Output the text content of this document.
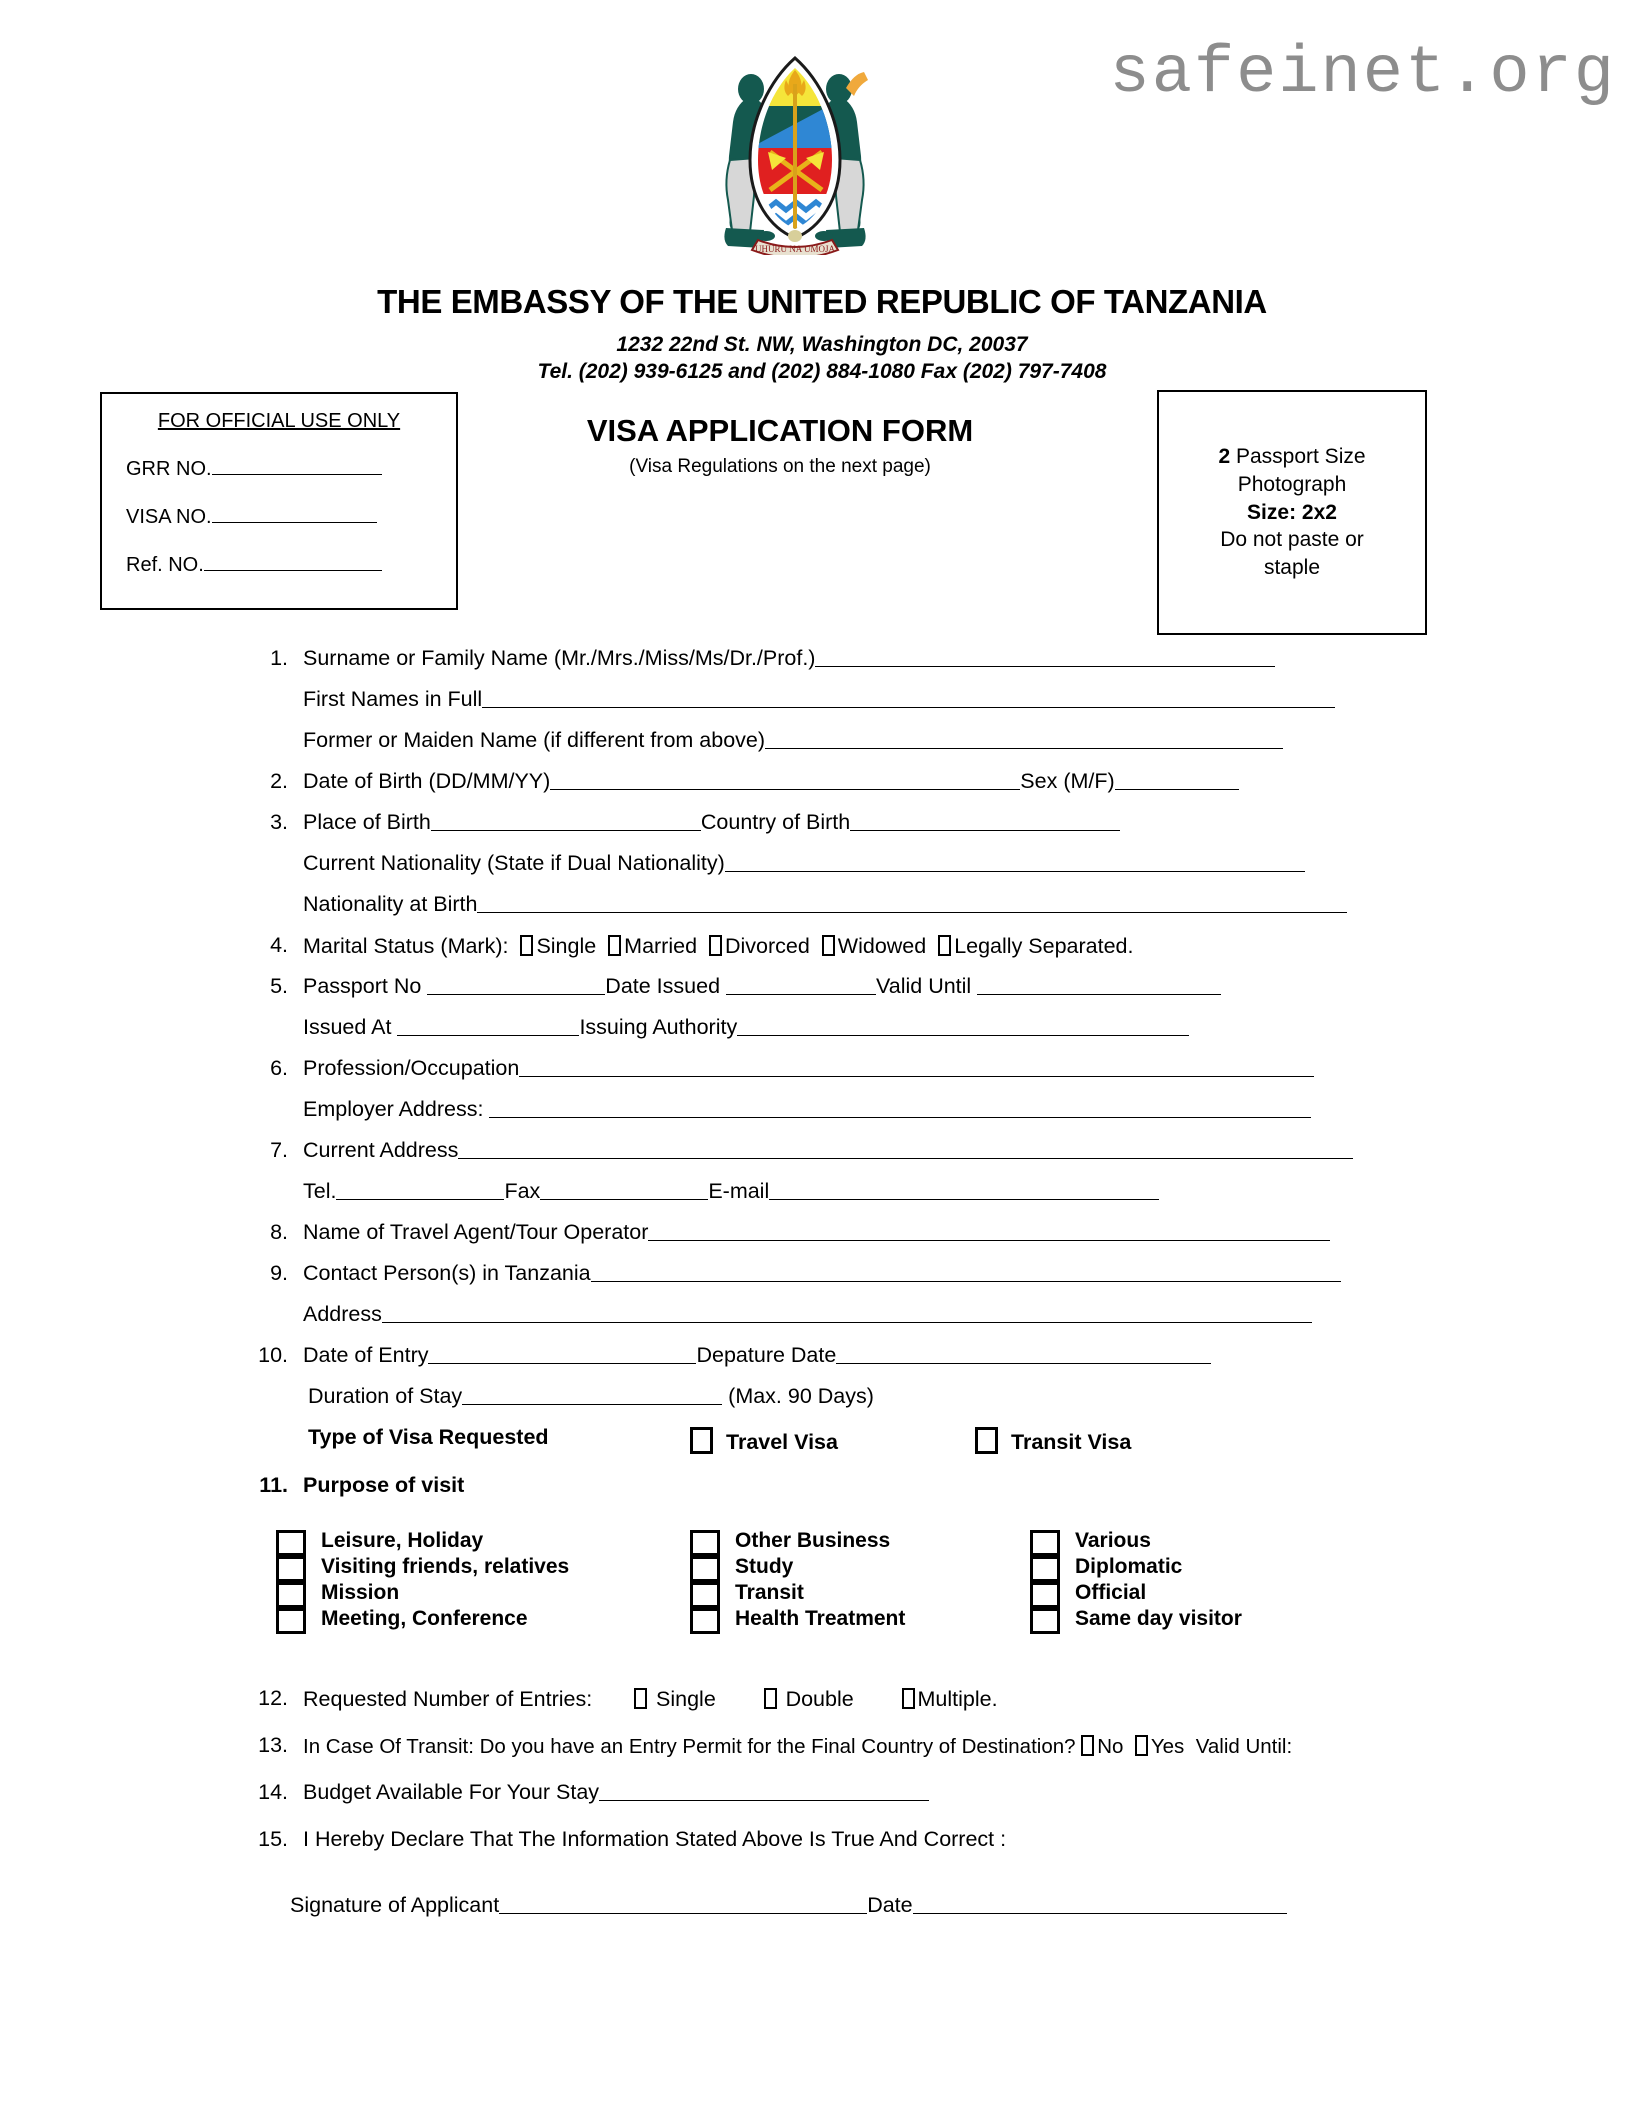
safeinet.org
UHURU NA UMOJA
THE EMBASSY OF THE UNITED REPUBLIC OF TANZANIA
1232 22nd St. NW, Washington DC, 20037
Tel. (202) 939-6125 and (202) 884-1080 Fax (202) 797-7408
FOR OFFICIAL USE ONLY
GRR NO.
VISA NO.
Ref. NO.
VISA APPLICATION FORM
(Visa Regulations on the next page)	2 Passport Size
Photograph
Size: 2x2
Do not paste or
staple
1. Surname or Family Name (Mr./Mrs./Miss/Ms/Dr./Prof.)
First Names in Full
Former or Maiden Name (if different from above)
2. Date of Birth (DD/MM/YY)	Sex (M/F)
3. Place of Birth	Country of Birth
Current Nationality (State if Dual Nationality)
Nationality at Birth
4. Marital Status (Mark): Single Married Divorced Widowed Legally Separated.
5. Passport No	Date Issued	Valid Until
Issued At	Issuing Authority
6. Profession/Occupation
Employer Address:
7. Current Address
Tel.	Fax	E-mail
8. Name of Travel Agent/Tour Operator
9. Contact Person(s) in Tanzania
Address
10. Date of Entry	Depature Date
Duration of Stay	(Max. 90 Days)
Type of Visa Requested	Travel Visa	Transit Visa
11. Purpose of visit
Leisure, Holiday
Visiting friends, relatives
Mission
Meeting, Conference
Other Business
Study
Transit
Health Treatment
Various
Diplomatic
Official
Same day visitor
12. Requested Number of Entries:	Single	Double	Multiple.
13. In Case Of Transit: Do you have an Entry Permit for the Final Country of Destination? No Yes Valid Until:
14. Budget Available For Your Stay
15. I Hereby Declare That The Information Stated Above Is True And Correct :
Signature of Applicant	Date
